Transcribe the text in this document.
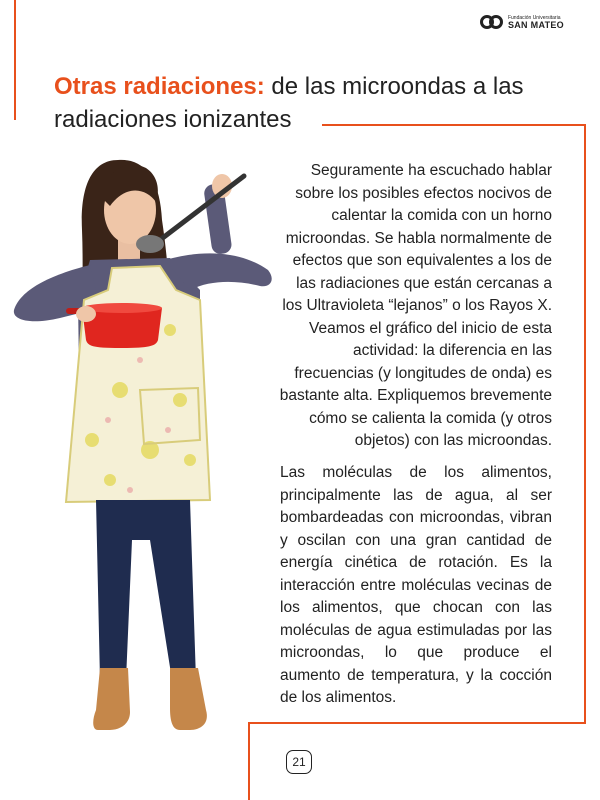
Fundación Universitaria
SAN MATEO
Otras radiaciones: de las microondas a las radiaciones ionizantes

Seguramente ha escuchado hablar sobre los posibles efectos nocivos de calentar la comida con un horno microondas. Se habla normalmente de efectos que son equivalentes a los de las radiaciones que están cercanas a los Ultravioleta “lejanos” o los Rayos X. Veamos el gráfico del inicio de esta actividad: la diferencia en las frecuencias (y longitudes de onda) es bastante alta. Expliquemos brevemente cómo se calienta la comida (y otros objetos) con las microondas.

Las moléculas de los alimentos, principalmente las de agua, al ser bombardeadas con microondas, vibran y oscilan con una gran cantidad de energía cinética de rotación. Es la interacción entre moléculas vecinas de los alimentos, que chocan con las moléculas de agua estimuladas por las microondas, lo que produce el aumento de temperatura, y la cocción de los alimentos.

21
